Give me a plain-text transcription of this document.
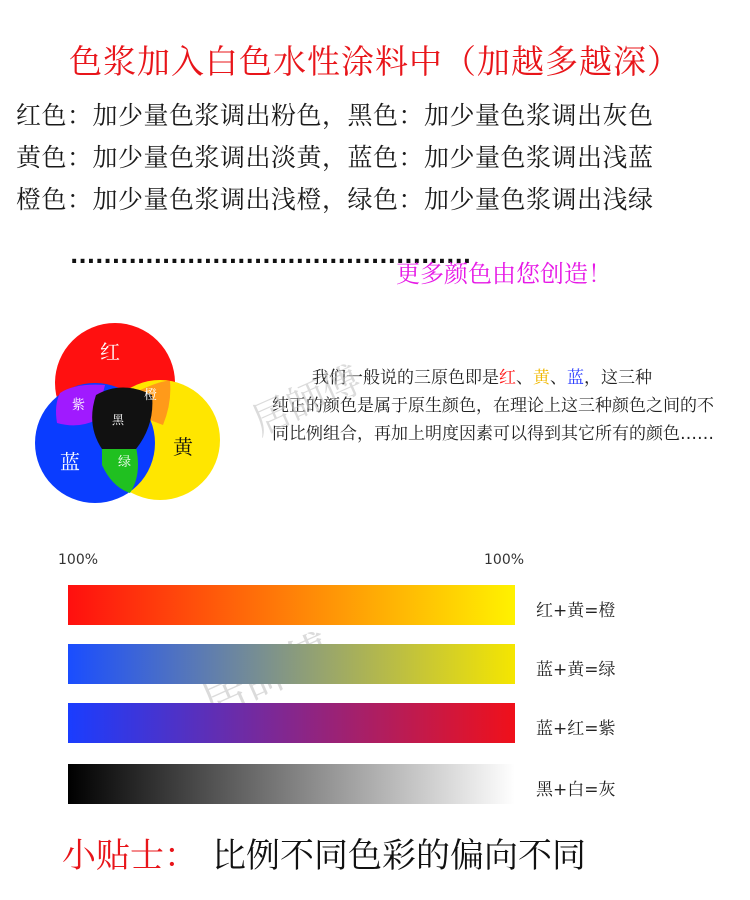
色浆加入白色水性涂料中（加越多越深）
红色：加少量色浆调出粉色，黑色：加少量色浆调出灰色
黄色：加少量色浆调出淡黄，蓝色：加少量色浆调出浅蓝
橙色：加少量色浆调出浅橙，绿色：加少量色浆调出浅绿
................................................
更多颜色由您创造！
红
橙
紫
黑
黄
绿
蓝
我们一般说的三原色即是红、黄、蓝，这三种
纯正的颜色是属于原生颜色，在理论上这三种颜色之间的不同比例组合，再加上明度因素可以得到其它所有的颜色……
居師傅
100%	100%
红+黄=橙
蓝+黄=绿
蓝+红=紫
黑+白=灰
小贴士： 比例不同色彩的偏向不同
